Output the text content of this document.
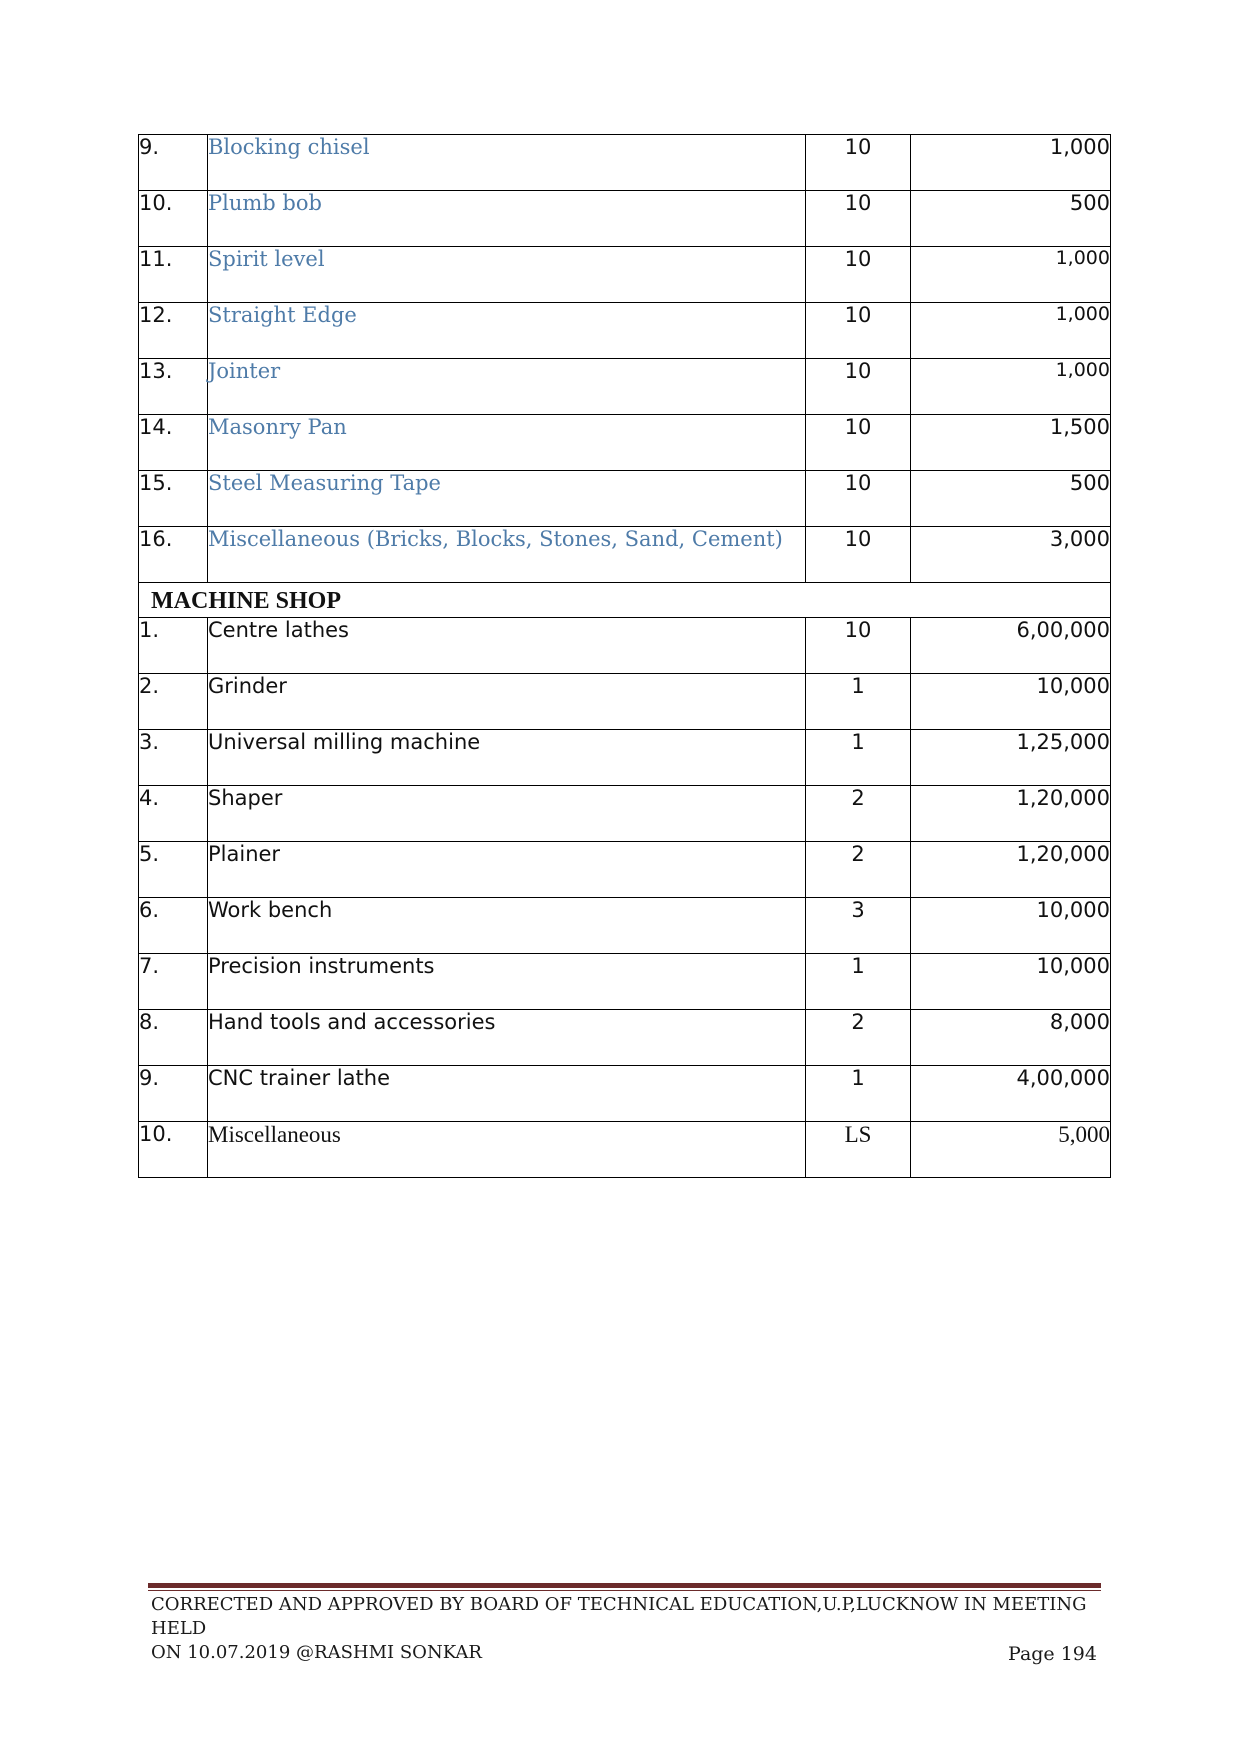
9.	Blocking chisel	10	1,000
10.	Plumb bob	10	500
11.	Spirit level	10	1,000
12.	Straight Edge	10	1,000
13.	Jointer	10	1,000
14.	Masonry Pan	10	1,500
15.	Steel Measuring Tape	10	500
16.	Miscellaneous (Bricks, Blocks, Stones, Sand, Cement)	10	3,000
MACHINE SHOP			
1.	Centre lathes	10	6,00,000
2.	Grinder	1	10,000
3.	Universal milling machine	1	1,25,000
4.	Shaper	2	1,20,000
5.	Plainer	2	1,20,000
6.	Work bench	3	10,000
7.	Precision instruments	1	10,000
8.	Hand tools and accessories	2	8,000
9.	CNC trainer lathe	1	4,00,000
10.	Miscellaneous	LS	5,000
CORRECTED AND APPROVED BY BOARD OF TECHNICAL EDUCATION,U.P,LUCKNOW IN MEETING HELD
ON 10.07.2019 @RASHMI SONKAR	Page 194
